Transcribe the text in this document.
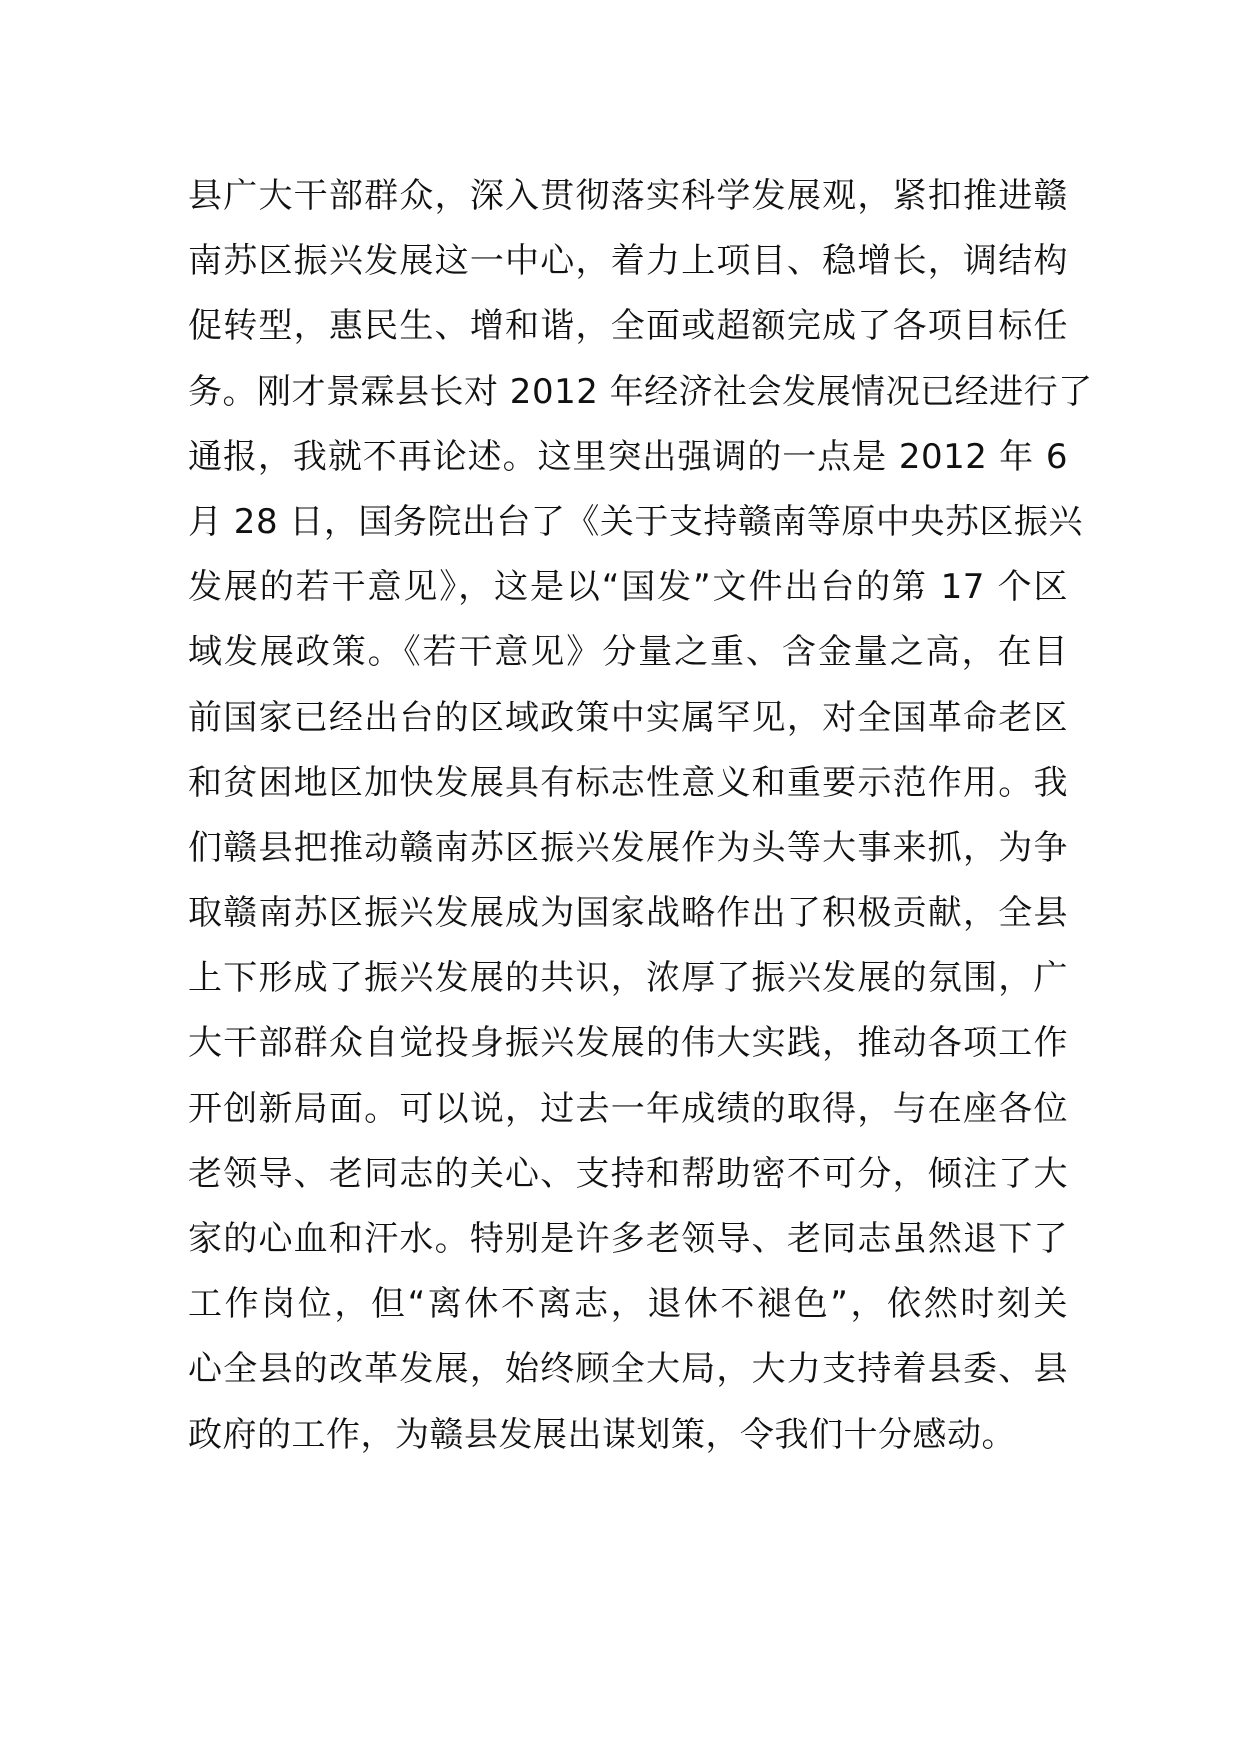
县广大干部群众，深入贯彻落实科学发展观，紧扣推进赣
南苏区振兴发展这一中心，着力上项目、稳增长，调结构
促转型，惠民生、增和谐，全面或超额完成了各项目标任
务。刚才景霖县长对 2012 年经济社会发展情况已经进行了
通报，我就不再论述。这里突出强调的一点是 2012 年 6
月 28 日，国务院出台了《关于支持赣南等原中央苏区振兴
发展的若干意见》，这是以“国发”文件出台的第 17 个区
域发展政策。《若干意见》分量之重、含金量之高，在目
前国家已经出台的区域政策中实属罕见，对全国革命老区
和贫困地区加快发展具有标志性意义和重要示范作用。我
们赣县把推动赣南苏区振兴发展作为头等大事来抓，为争
取赣南苏区振兴发展成为国家战略作出了积极贡献，全县
上下形成了振兴发展的共识，浓厚了振兴发展的氛围，广
大干部群众自觉投身振兴发展的伟大实践，推动各项工作
开创新局面。可以说，过去一年成绩的取得，与在座各位
老领导、老同志的关心、支持和帮助密不可分，倾注了大
家的心血和汗水。特别是许多老领导、老同志虽然退下了
工作岗位，但“离休不离志，退休不褪色”，依然时刻关
心全县的改革发展，始终顾全大局，大力支持着县委、县
政府的工作，为赣县发展出谋划策，令我们十分感动。
